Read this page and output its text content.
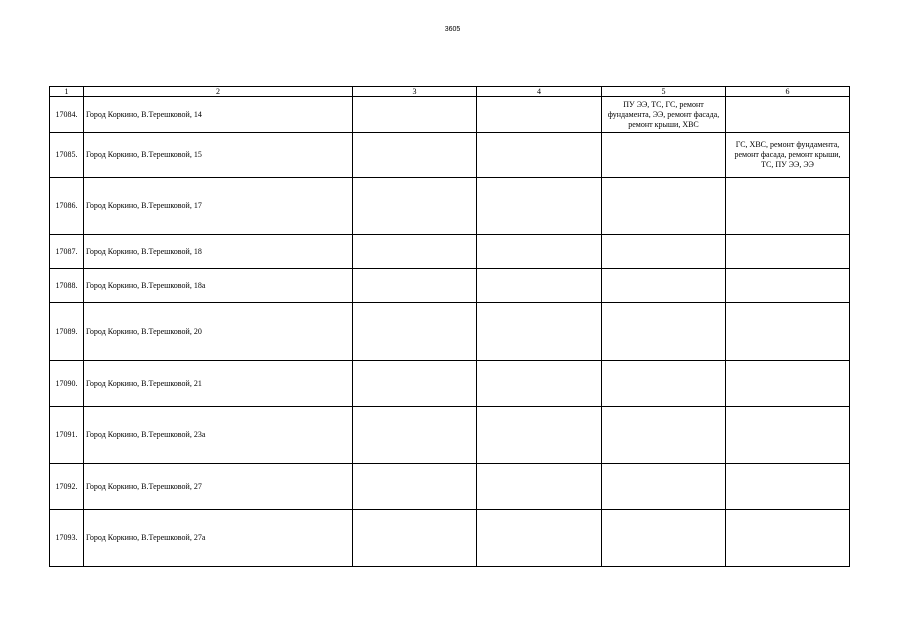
3605
1	2	3	4	5	6
17084.	Город Коркино, В.Терешковой, 14			ПУ ЭЭ, ТС, ГС, ремонт фундамента, ЭЭ, ремонт фасада, ремонт крыши, ХВС	
17085.	Город Коркино, В.Терешковой, 15				ГС, ХВС, ремонт фундамента, ремонт фасада, ремонт крыши, ТС, ПУ ЭЭ, ЭЭ
17086.	Город Коркино, В.Терешковой, 17				
17087.	Город Коркино, В.Терешковой, 18				
17088.	Город Коркино, В.Терешковой, 18а				
17089.	Город Коркино, В.Терешковой, 20				
17090.	Город Коркино, В.Терешковой, 21				
17091.	Город Коркино, В.Терешковой, 23а				
17092.	Город Коркино, В.Терешковой, 27				
17093.	Город Коркино, В.Терешковой, 27а				
